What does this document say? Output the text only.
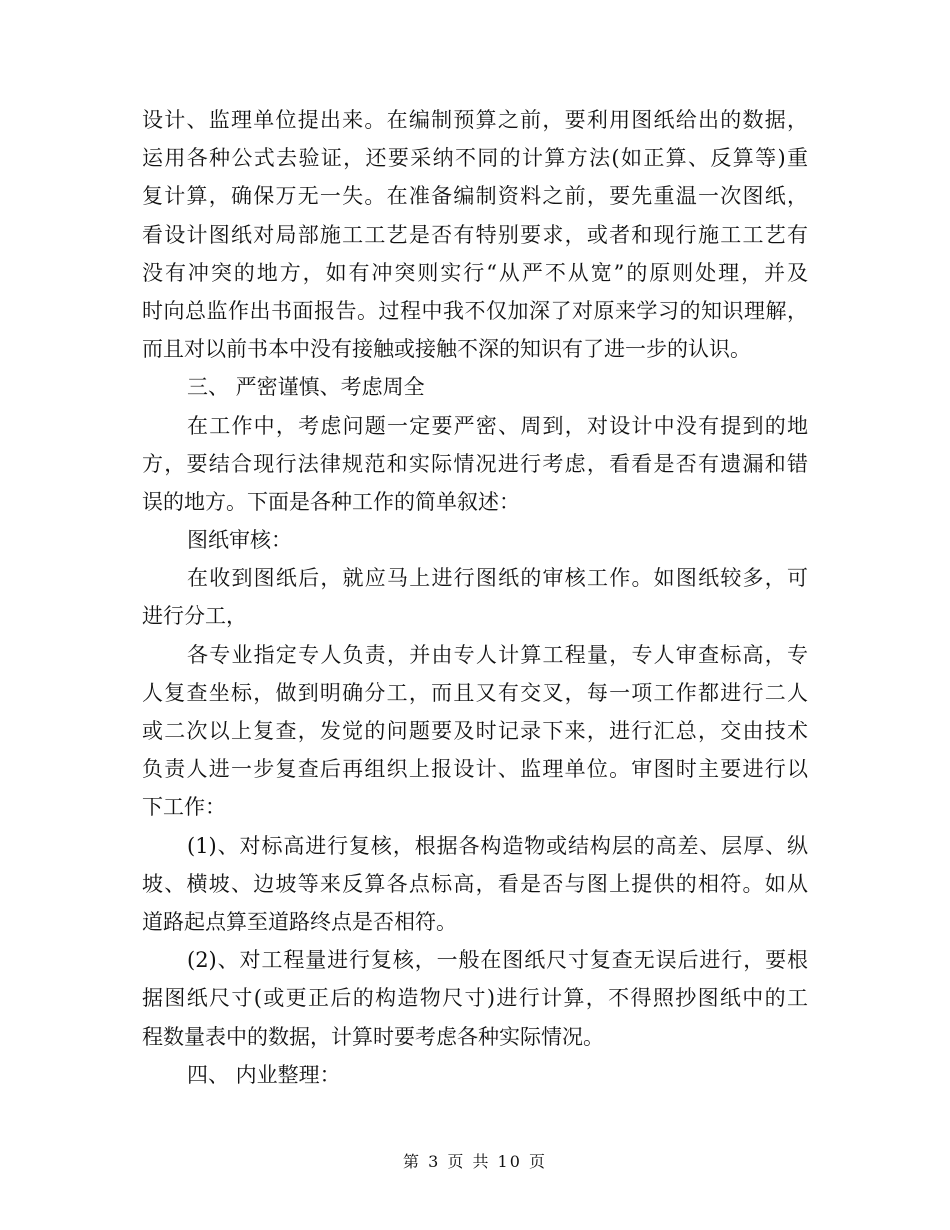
设计、监理单位提出来。在编制预算之前，要利用图纸给出的数据，
运用各种公式去验证，还要采纳不同的计算方法(如正算、反算等)重
复计算，确保万无一失。在准备编制资料之前，要先重温一次图纸，
看设计图纸对局部施工工艺是否有特别要求，或者和现行施工工艺有
没有冲突的地方，如有冲突则实行“从严不从宽”的原则处理，并及
时向总监作出书面报告。过程中我不仅加深了对原来学习的知识理解，
而且对以前书本中没有接触或接触不深的知识有了进一步的认识。
三、 严密谨慎、考虑周全
在工作中，考虑问题一定要严密、周到，对设计中没有提到的地
方，要结合现行法律规范和实际情况进行考虑，看看是否有遗漏和错
误的地方。下面是各种工作的简单叙述：
图纸审核：
在收到图纸后，就应马上进行图纸的审核工作。如图纸较多，可
进行分工，
各专业指定专人负责，并由专人计算工程量，专人审查标高，专
人复查坐标，做到明确分工，而且又有交叉，每一项工作都进行二人
或二次以上复查，发觉的问题要及时记录下来，进行汇总，交由技术
负责人进一步复查后再组织上报设计、监理单位。审图时主要进行以
下工作：
(1)、对标高进行复核，根据各构造物或结构层的高差、层厚、纵
坡、横坡、边坡等来反算各点标高，看是否与图上提供的相符。如从
道路起点算至道路终点是否相符。
(2)、对工程量进行复核，一般在图纸尺寸复查无误后进行，要根
据图纸尺寸(或更正后的构造物尺寸)进行计算，不得照抄图纸中的工
程数量表中的数据，计算时要考虑各种实际情况。
四、 内业整理：
第 3 页 共 10 页
